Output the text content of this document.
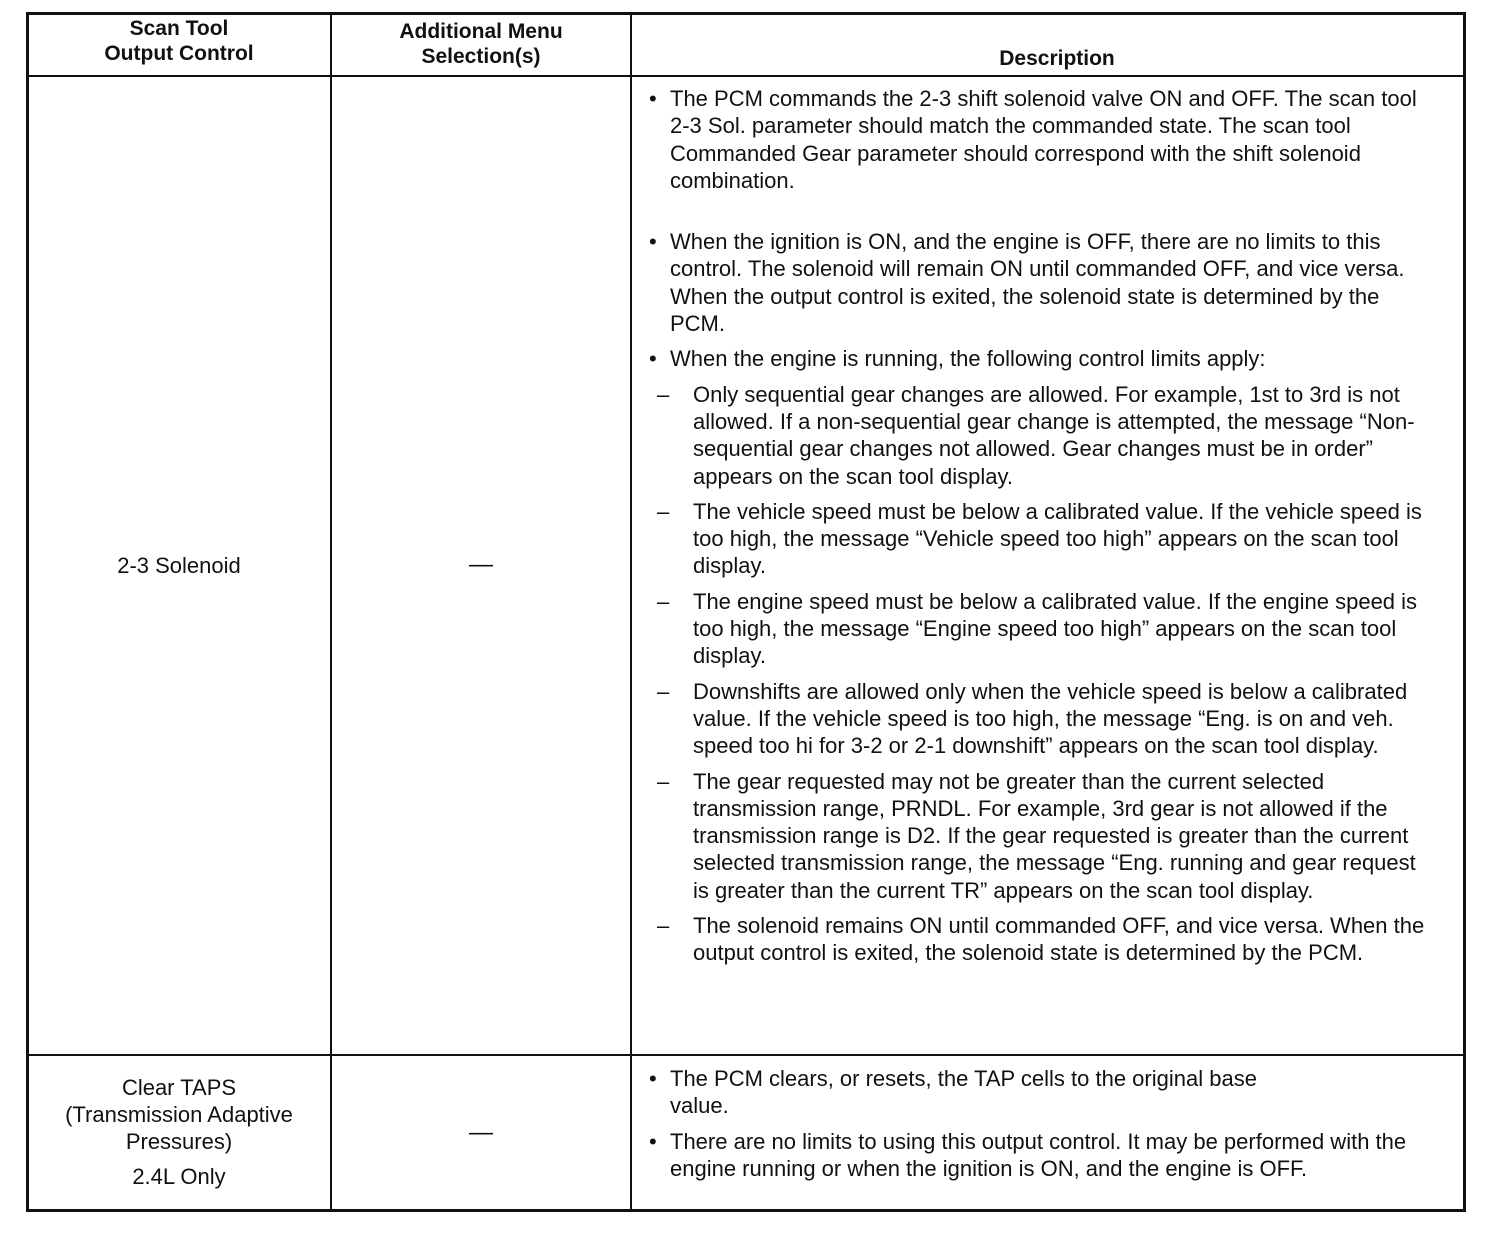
Scan Tool
Output Control
Additional Menu
Selection(s)	Description
2-3 Solenoid	—
• The PCM commands the 2-3 shift solenoid valve ON and OFF. The scan tool 2-3 Sol. parameter should match the commanded state. The scan tool Commanded Gear parameter should correspond with the shift solenoid combination.
• When the ignition is ON, and the engine is OFF, there are no limits to this control. The solenoid will remain ON until commanded OFF, and vice versa. When the output control is exited, the solenoid state is determined by the PCM.
• When the engine is running, the following control limits apply:
– Only sequential gear changes are allowed. For example, 1st to 3rd is not allowed. If a non-sequential gear change is attempted, the message “Non-sequential gear changes not allowed. Gear changes must be in order” appears on the scan tool display.
– The vehicle speed must be below a calibrated value. If the vehicle speed is too high, the message “Vehicle speed too high” appears on the scan tool display.
– The engine speed must be below a calibrated value. If the engine speed is too high, the message “Engine speed too high” appears on the scan tool display.
– Downshifts are allowed only when the vehicle speed is below a calibrated value. If the vehicle speed is too high, the message “Eng. is on and veh. speed too hi for 3-2 or 2-1 downshift” appears on the scan tool display.
– The gear requested may not be greater than the current selected transmission range, PRNDL. For example, 3rd gear is not allowed if the transmission range is D2. If the gear requested is greater than the current selected transmission range, the message “Eng. running and gear request is greater than the current TR” appears on the scan tool display.
– The solenoid remains ON until commanded OFF, and vice versa. When the output control is exited, the solenoid state is determined by the PCM.
Clear TAPS
(Transmission Adaptive
Pressures)
2.4L Only
—
• The PCM clears, or resets, the TAP cells to the original base value.
• There are no limits to using this output control. It may be performed with the engine running or when the ignition is ON, and the engine is OFF.
